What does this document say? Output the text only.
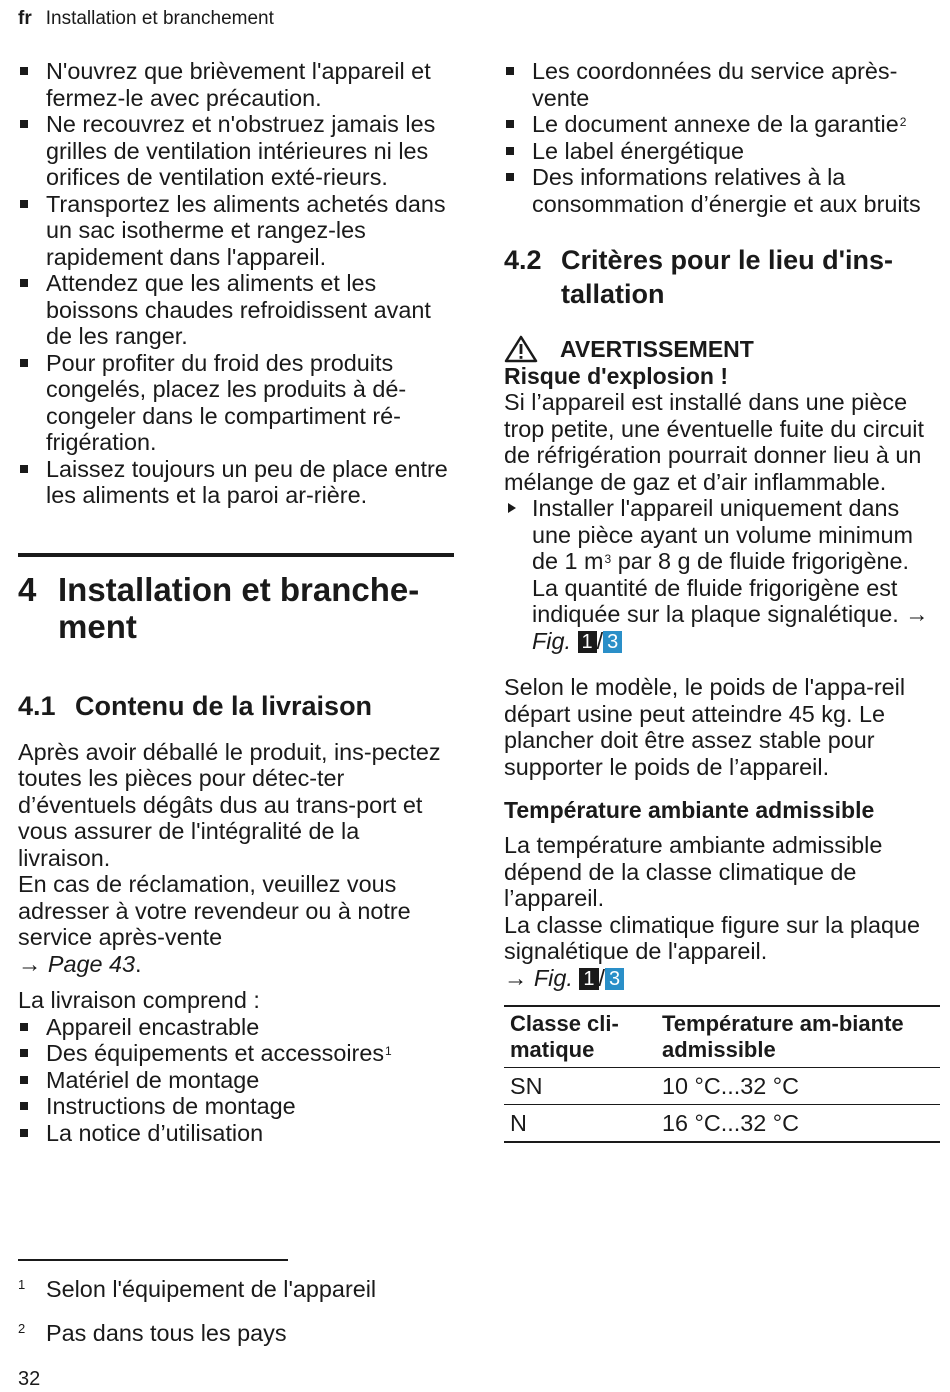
fr Installation et branchement
N'ouvrez que brièvement l'appareil et fermez-le avec précaution.
Ne recouvrez et n'obstruez jamais les grilles de ventilation intérieures ni les orifices de ventilation exté-rieurs.
Transportez les aliments achetés dans un sac isotherme et rangez-les rapidement dans l'appareil.
Attendez que les aliments et les boissons chaudes refroidissent avant de les ranger.
Pour profiter du froid des produits congelés, placez les produits à dé-congeler dans le compartiment ré-frigération.
Laissez toujours un peu de place entre les aliments et la paroi ar-rière.
4 Installation et branche-ment
4.1 Contenu de la livraison

Après avoir déballé le produit, ins-pectez toutes les pièces pour détec-ter d’éventuels dégâts dus au trans-port et vous assurer de l'intégralité de la livraison.

En cas de réclamation, veuillez vous adresser à votre revendeur ou à notre service après-vente

→ Page 43.

La livraison comprend :

Appareil encastrable
Des équipements et accessoires$^1$
Matériel de montage
Instructions de montage
La notice d’utilisation
Les coordonnées du service après-vente
Le document annexe de la garantie$^2$
Le label énergétique
Des informations relatives à la consommation d’énergie et aux bruits
4.2 Critères pour le lieu d'ins-tallation
AVERTISSEMENT
Risque d'explosion !

Si l’appareil est installé dans une pièce trop petite, une éventuelle fuite du circuit de réfrigération pourrait donner lieu à un mélange de gaz et d’air inflammable.

Installer l'appareil uniquement dans une pièce ayant un volume minimum de 1 m$^3$ par 8 g de fluide frigorigène. La quantité de fluide frigorigène est indiquée sur la plaque signalétique. → Fig. 1 / 3

Selon le modèle, le poids de l'appa-reil départ usine peut atteindre 45 kg. Le plancher doit être assez stable pour supporter le poids de l’appareil.

Température ambiante admissible

La température ambiante admissible dépend de la classe climatique de l’appareil.

La classe climatique figure sur la plaque signalétique de l'appareil.

→ Fig. 1 / 3

Classe cli-matique	Température am-biante admissible
SN	10 °C...32 °C
N	16 °C...32 °C
1 Selon l'équipement de l'appareil
2 Pas dans tous les pays
32
